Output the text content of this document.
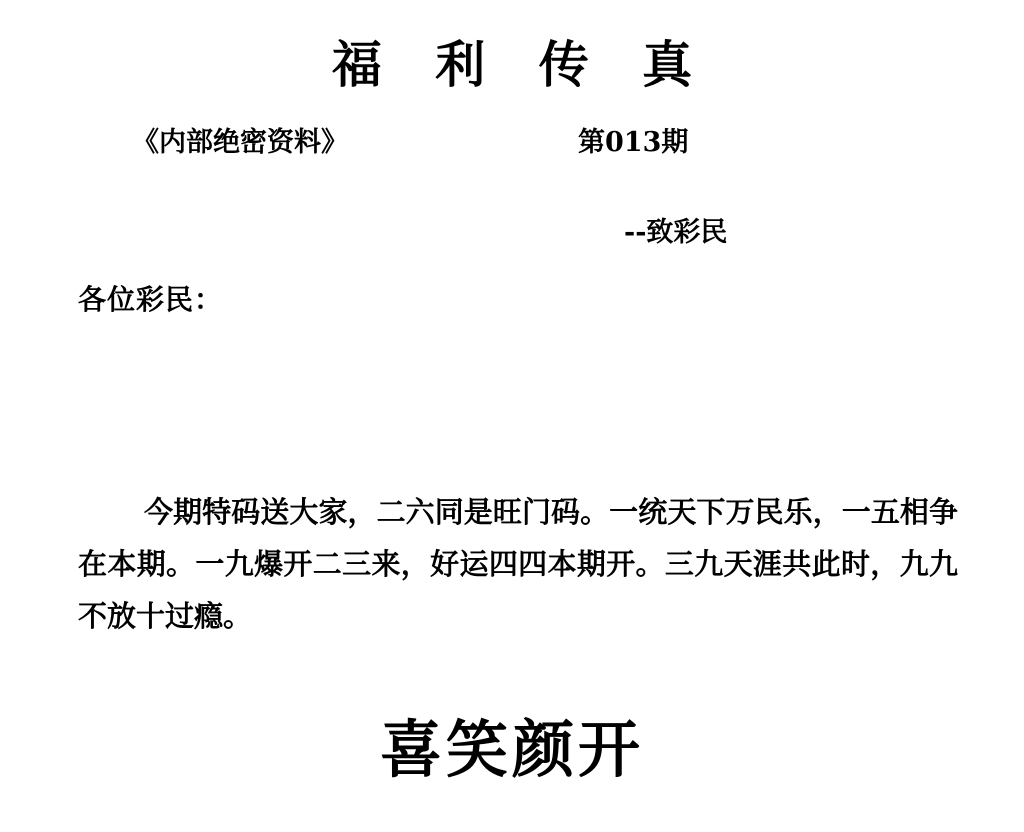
福 利 传 真
《内部绝密资料》	第013期
--致彩民
各位彩民：

今期特码送大家，二六同是旺门码。一统天下万民乐，一五相争在本期。一九爆开二三来，好运四四本期开。三九天涯共此时，九九不放十过瘾。

喜笑颜开
